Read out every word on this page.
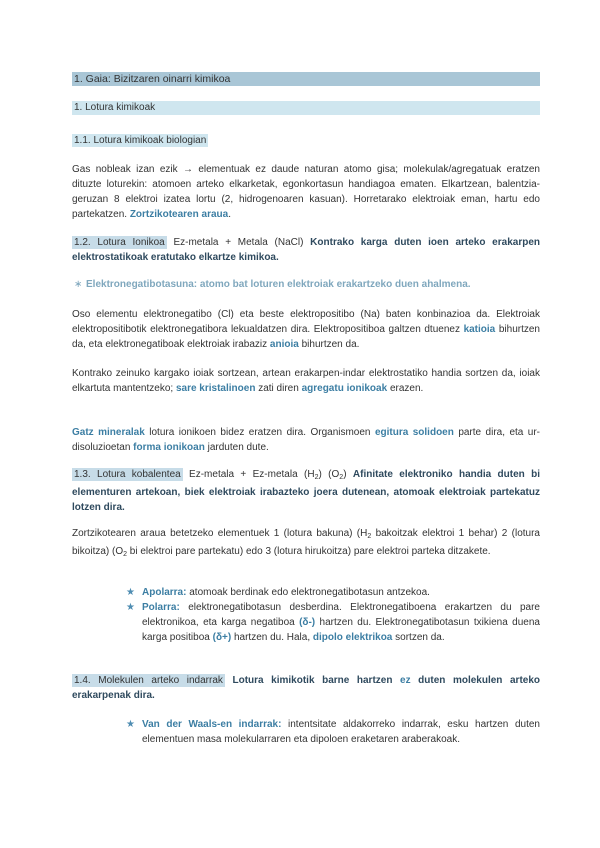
1. Gaia: Bizitzaren oinarri kimikoa
1. Lotura kimikoak
1.1. Lotura kimikoak biologian
Gas nobleak izan ezik → elementuak ez daude naturan atomo gisa; molekulak/agregatuak eratzen dituzte loturekin: atomoen arteko elkarketak, egonkortasun handiagoa ematen. Elkartzean, balentzia-geruzan 8 elektroi izatea lortu (2, hidrogenoaren kasuan). Horretarako elektroiak eman, hartu edo partekatzen. Zortzikotearen araua.
1.2. Lotura Ionikoa Ez-metala + Metala (NaCl) Kontrako karga duten ioen arteko erakarpen elektrostatikoak eratutako elkartze kimikoa.
∗ Elektronegatibotasuna: atomo bat loturen elektroiak erakartzeko duen ahalmena.
Oso elementu elektronegatibo (Cl) eta beste elektropositibo (Na) baten konbinazioa da. Elektroiak elektropositibotik elektronegatibora lekualdatzen dira. Elektropositiboa galtzen dtuenez katioia bihurtzen da, eta elektronegatiboak elektroiak irabaziz anioia bihurtzen da.
Kontrako zeinuko kargako ioiak sortzean, artean erakarpen-indar elektrostatiko handia sortzen da, ioiak elkartuta mantentzeko; sare kristalinoen zati diren agregatu ionikoak erazen.
Gatz mineralak lotura ionikoen bidez eratzen dira. Organismoen egitura solidoen parte dira, eta ur-disoluzioetan forma ionikoan jarduten dute.
1.3. Lotura kobalentea Ez-metala + Ez-metala $(H_2)$ $(O_2)$ Afinitate elektroniko handia duten bi elementuren artekoan, biek elektroiak irabazteko joera dutenean, atomoak elektroiak partekatuz lotzen dira.
Zortzikotearen araua betetzeko elementuek 1 (lotura bakuna) ($H_2$ bakoitzak elektroi 1 behar) 2 (lotura bikoitza) ($O_2$ bi elektroi pare partekatu) edo 3 (lotura hirukoitza) pare elektroi parteka ditzakete.
★ Apolarra: atomoak berdinak edo elektronegatibotasun antzekoa.
★ Polarra: elektronegatibotasun desberdina. Elektronegatiboena erakartzen du pare elektronikoa, eta karga negatiboa (δ-) hartzen du. Elektronegatibotasun txikiena duena karga positiboa (δ+) hartzen du. Hala, dipolo elektrikoa sortzen da.
1.4. Molekulen arteko indarrak Lotura kimikotik barne hartzen ez duten molekulen arteko erakarpenak dira.
★ Van der Waals-en indarrak: intentsitate aldakorreko indarrak, esku hartzen duten elementuen masa molekularraren eta dipoloen eraketaren araberakoak.
